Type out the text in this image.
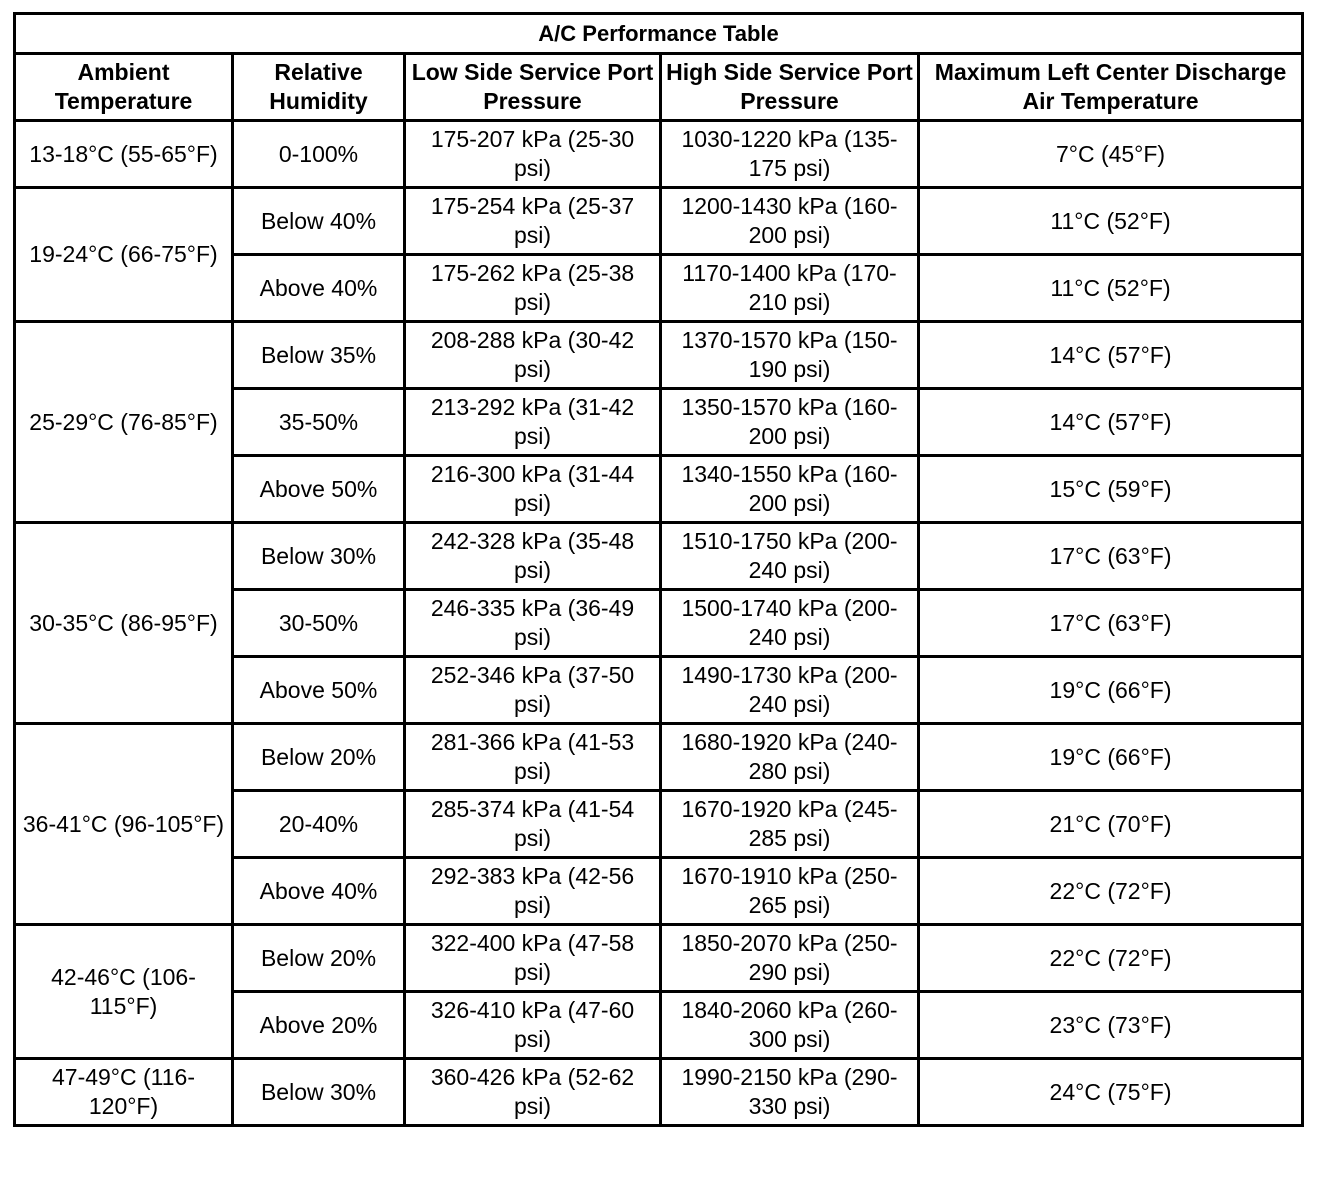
A/C Performance Table				
Ambient Temperature	Relative Humidity	Low Side Service Port Pressure	High Side Service Port Pressure	Maximum Left Center Discharge Air Temperature
13-18°C (55-65°F)	0-100%	175-207 kPa (25-30 psi)	1030-1220 kPa (135-175 psi)	7°C (45°F)
19-24°C (66-75°F)	Below 40%	175-254 kPa (25-37 psi)	1200-1430 kPa (160-200 psi)	11°C (52°F)
	Above 40%	175-262 kPa (25-38 psi)	1170-1400 kPa (170-210 psi)	11°C (52°F)
25-29°C (76-85°F)	Below 35%	208-288 kPa (30-42 psi)	1370-1570 kPa (150-190 psi)	14°C (57°F)
	35-50%	213-292 kPa (31-42 psi)	1350-1570 kPa (160-200 psi)	14°C (57°F)
	Above 50%	216-300 kPa (31-44 psi)	1340-1550 kPa (160-200 psi)	15°C (59°F)
30-35°C (86-95°F)	Below 30%	242-328 kPa (35-48 psi)	1510-1750 kPa (200-240 psi)	17°C (63°F)
	30-50%	246-335 kPa (36-49 psi)	1500-1740 kPa (200-240 psi)	17°C (63°F)
	Above 50%	252-346 kPa (37-50 psi)	1490-1730 kPa (200-240 psi)	19°C (66°F)
36-41°C (96-105°F)	Below 20%	281-366 kPa (41-53 psi)	1680-1920 kPa (240-280 psi)	19°C (66°F)
	20-40%	285-374 kPa (41-54 psi)	1670-1920 kPa (245-285 psi)	21°C (70°F)
	Above 40%	292-383 kPa (42-56 psi)	1670-1910 kPa (250-265 psi)	22°C (72°F)
42-46°C (106-115°F)	Below 20%	322-400 kPa (47-58 psi)	1850-2070 kPa (250-290 psi)	22°C (72°F)
	Above 20%	326-410 kPa (47-60 psi)	1840-2060 kPa (260-300 psi)	23°C (73°F)
47-49°C (116-120°F)	Below 30%	360-426 kPa (52-62 psi)	1990-2150 kPa (290-330 psi)	24°C (75°F)
